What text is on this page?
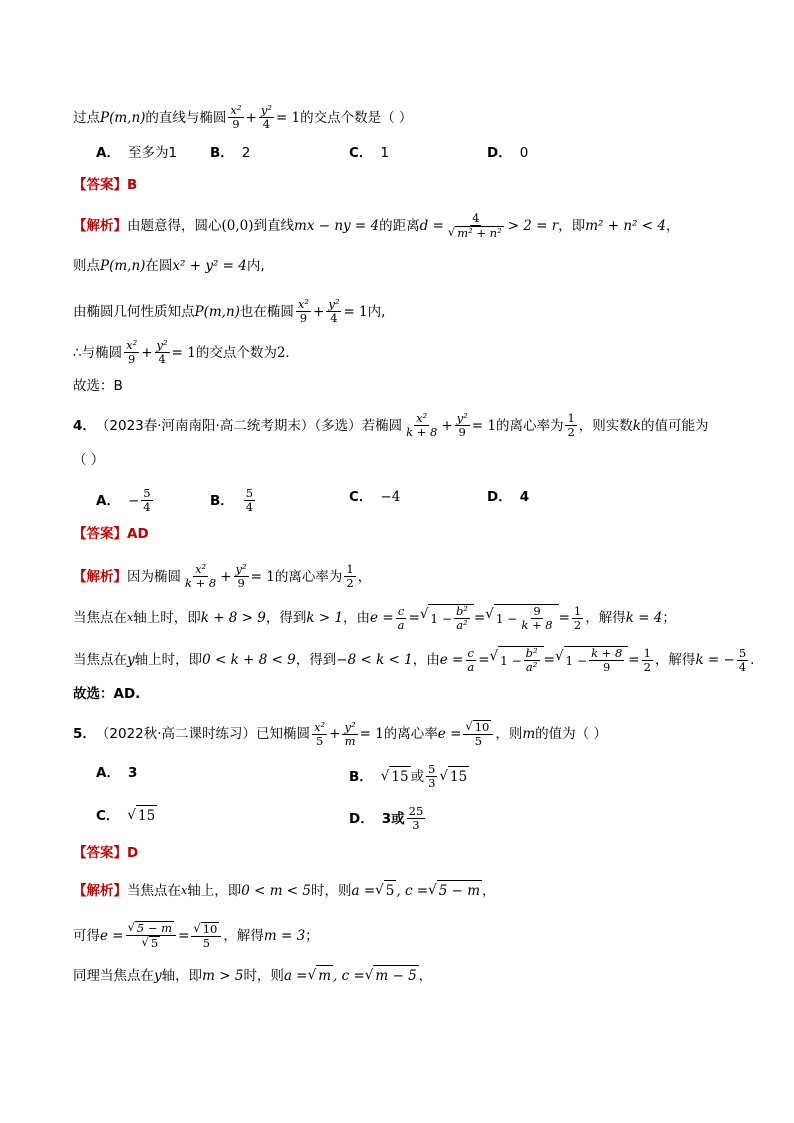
过点 P(m,n) 的直线与椭圆 $\frac{\text{x²}}{9} + \frac{\text{y²}}{4} = 1$ 的交点个数是（ ）
A． 至多为1 B． 2	C． 1	D． 0
【答案】 B
【解析】 由题意得，圆心 (0,0) 到直线 mx − ny = 4 的距离 $d = \frac{4}{\text{√ m² + n²}} > 2 = r$ ，即 m² + n² < 4 ，
则点 P(m,n) 在圆 x² + y² = 4 内,
由椭圆几何性质知点 P(m,n) 也在椭圆 $\frac{\text{x²}}{9} + \frac{\text{y²}}{4} = 1$ 内,
∴与椭圆 $\frac{\text{x²}}{9} + \frac{\text{y²}}{4} = 1$ 的交点个数为 2．
故选：B
4． （2023春·河南南阳·高二统考期末）（多选）若椭圆 $\frac{\text{x²}}{k + 8} + \frac{\text{y²}}{9} = 1$ 的离心率为 $\frac{1}{2}$ ，则实数 k 的值可能为
（ ）
A． − $\frac{5}{4}$	B． $\frac{5}{4}$	C． −4	D． 4
【答案】 AD
【解析】 因为椭圆 $\frac{\text{x²}}{k + 8} + \frac{\text{y²}}{9} = 1$ 的离心率为 $\frac{1}{2}$ ，
当焦点在 x 轴上时，即 k + 8 > 9 ，得到 k > 1 ，由 $e = \frac{c}{a}$ = √ $1 - \frac{\text{b²}}{\text{a²}}$ = √ $1 - \frac{9}{k + 8} = \frac{1}{2}$ ，解得 k = 4 ；
当焦点在 y 轴上时，即 0 < k + 8 < 9 ，得到 −8 < k < 1 ，由 $e = \frac{c}{a}$ = √ $1 - \frac{\text{b²}}{\text{a²}}$ = √ $1 - \frac{k + 8}{9} = \frac{1}{2}$ ，解得 k = − $\frac{5}{4}$ .
故选：AD.
5． （2022秋·高二课时练习）已知椭圆 $\frac{\text{x²}}{5} + \frac{\text{y²}}{m} = 1$ 的离心率 $e = \frac{√ 10}{5}$ ，则 m 的值为（ ）
A． 3	B． √ 15 或 $\frac{5}{3}$ √ 15
C． √ 15	D． 3或 $\frac{25}{3}$
【答案】 D
【解析】 当焦点在 x 轴上，即 0 < m < 5 时，则 a = √ 5 , c = √ 5 − m ，
可得 $e = \frac{√ 5 - m}{√ 5} = \frac{√ 10}{5}$ ，解得 m = 3 ；
同理当焦点在 y 轴，即 m > 5 时，则 a = √ m , c = √ m − 5 ，
